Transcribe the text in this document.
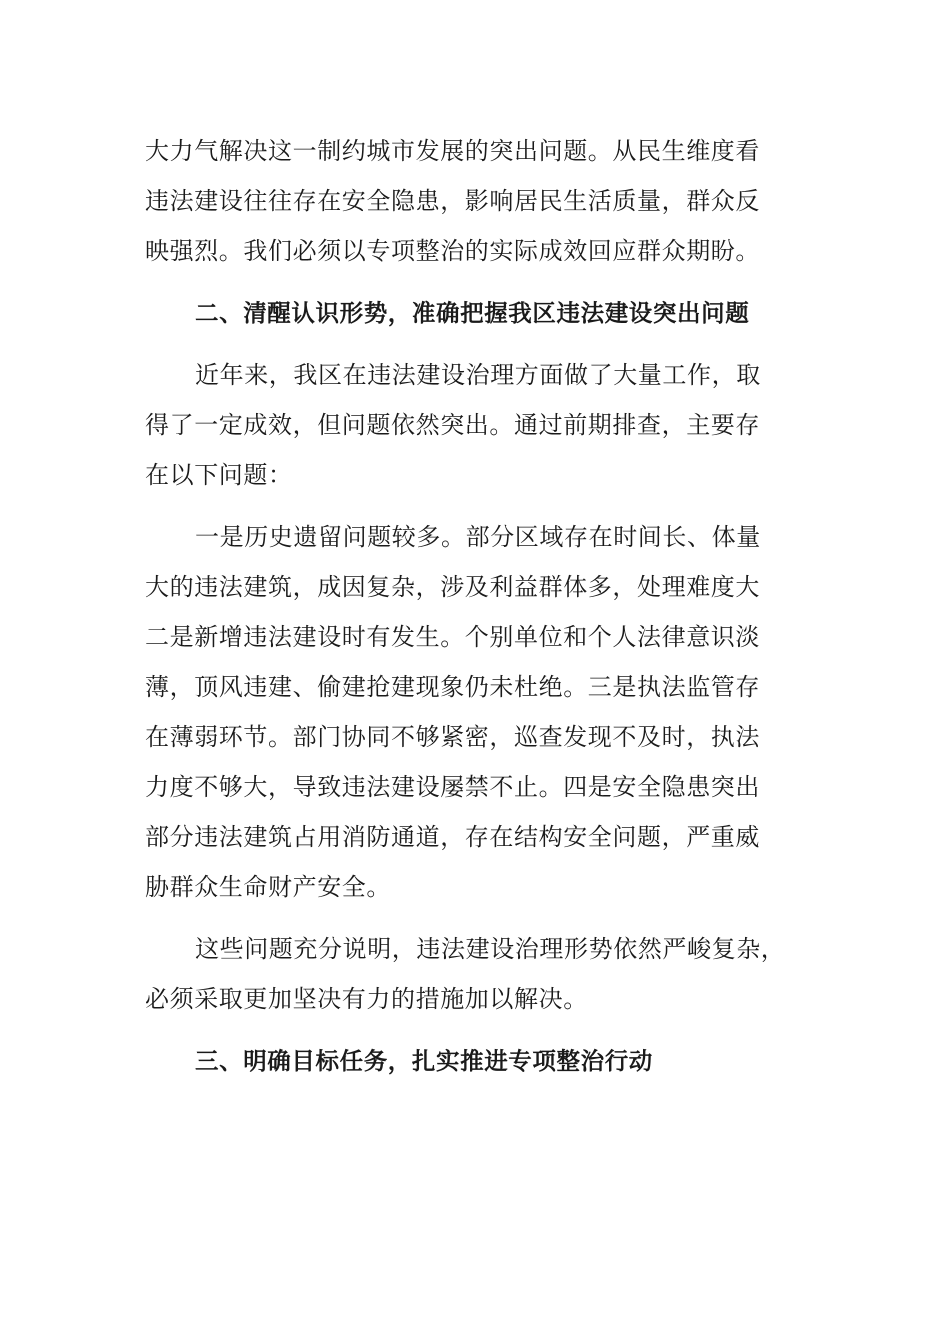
大力气解决这一制约城市发展的突出问题。从民生维度看
违法建设往往存在安全隐患，影响居民生活质量，群众反
映强烈。我们必须以专项整治的实际成效回应群众期盼。

二、清醒认识形势，准确把握我区违法建设突出问题

近年来，我区在违法建设治理方面做了大量工作，取
得了一定成效，但问题依然突出。通过前期排查，主要存
在以下问题：

一是历史遗留问题较多。部分区域存在时间长、体量
大的违法建筑，成因复杂，涉及利益群体多，处理难度大
二是新增违法建设时有发生。个别单位和个人法律意识淡
薄，顶风违建、偷建抢建现象仍未杜绝。三是执法监管存
在薄弱环节。部门协同不够紧密，巡查发现不及时，执法
力度不够大，导致违法建设屡禁不止。四是安全隐患突出
部分违法建筑占用消防通道，存在结构安全问题，严重威
胁群众生命财产安全。

这些问题充分说明，违法建设治理形势依然严峻复杂，
必须采取更加坚决有力的措施加以解决。

三、明确目标任务，扎实推进专项整治行动
